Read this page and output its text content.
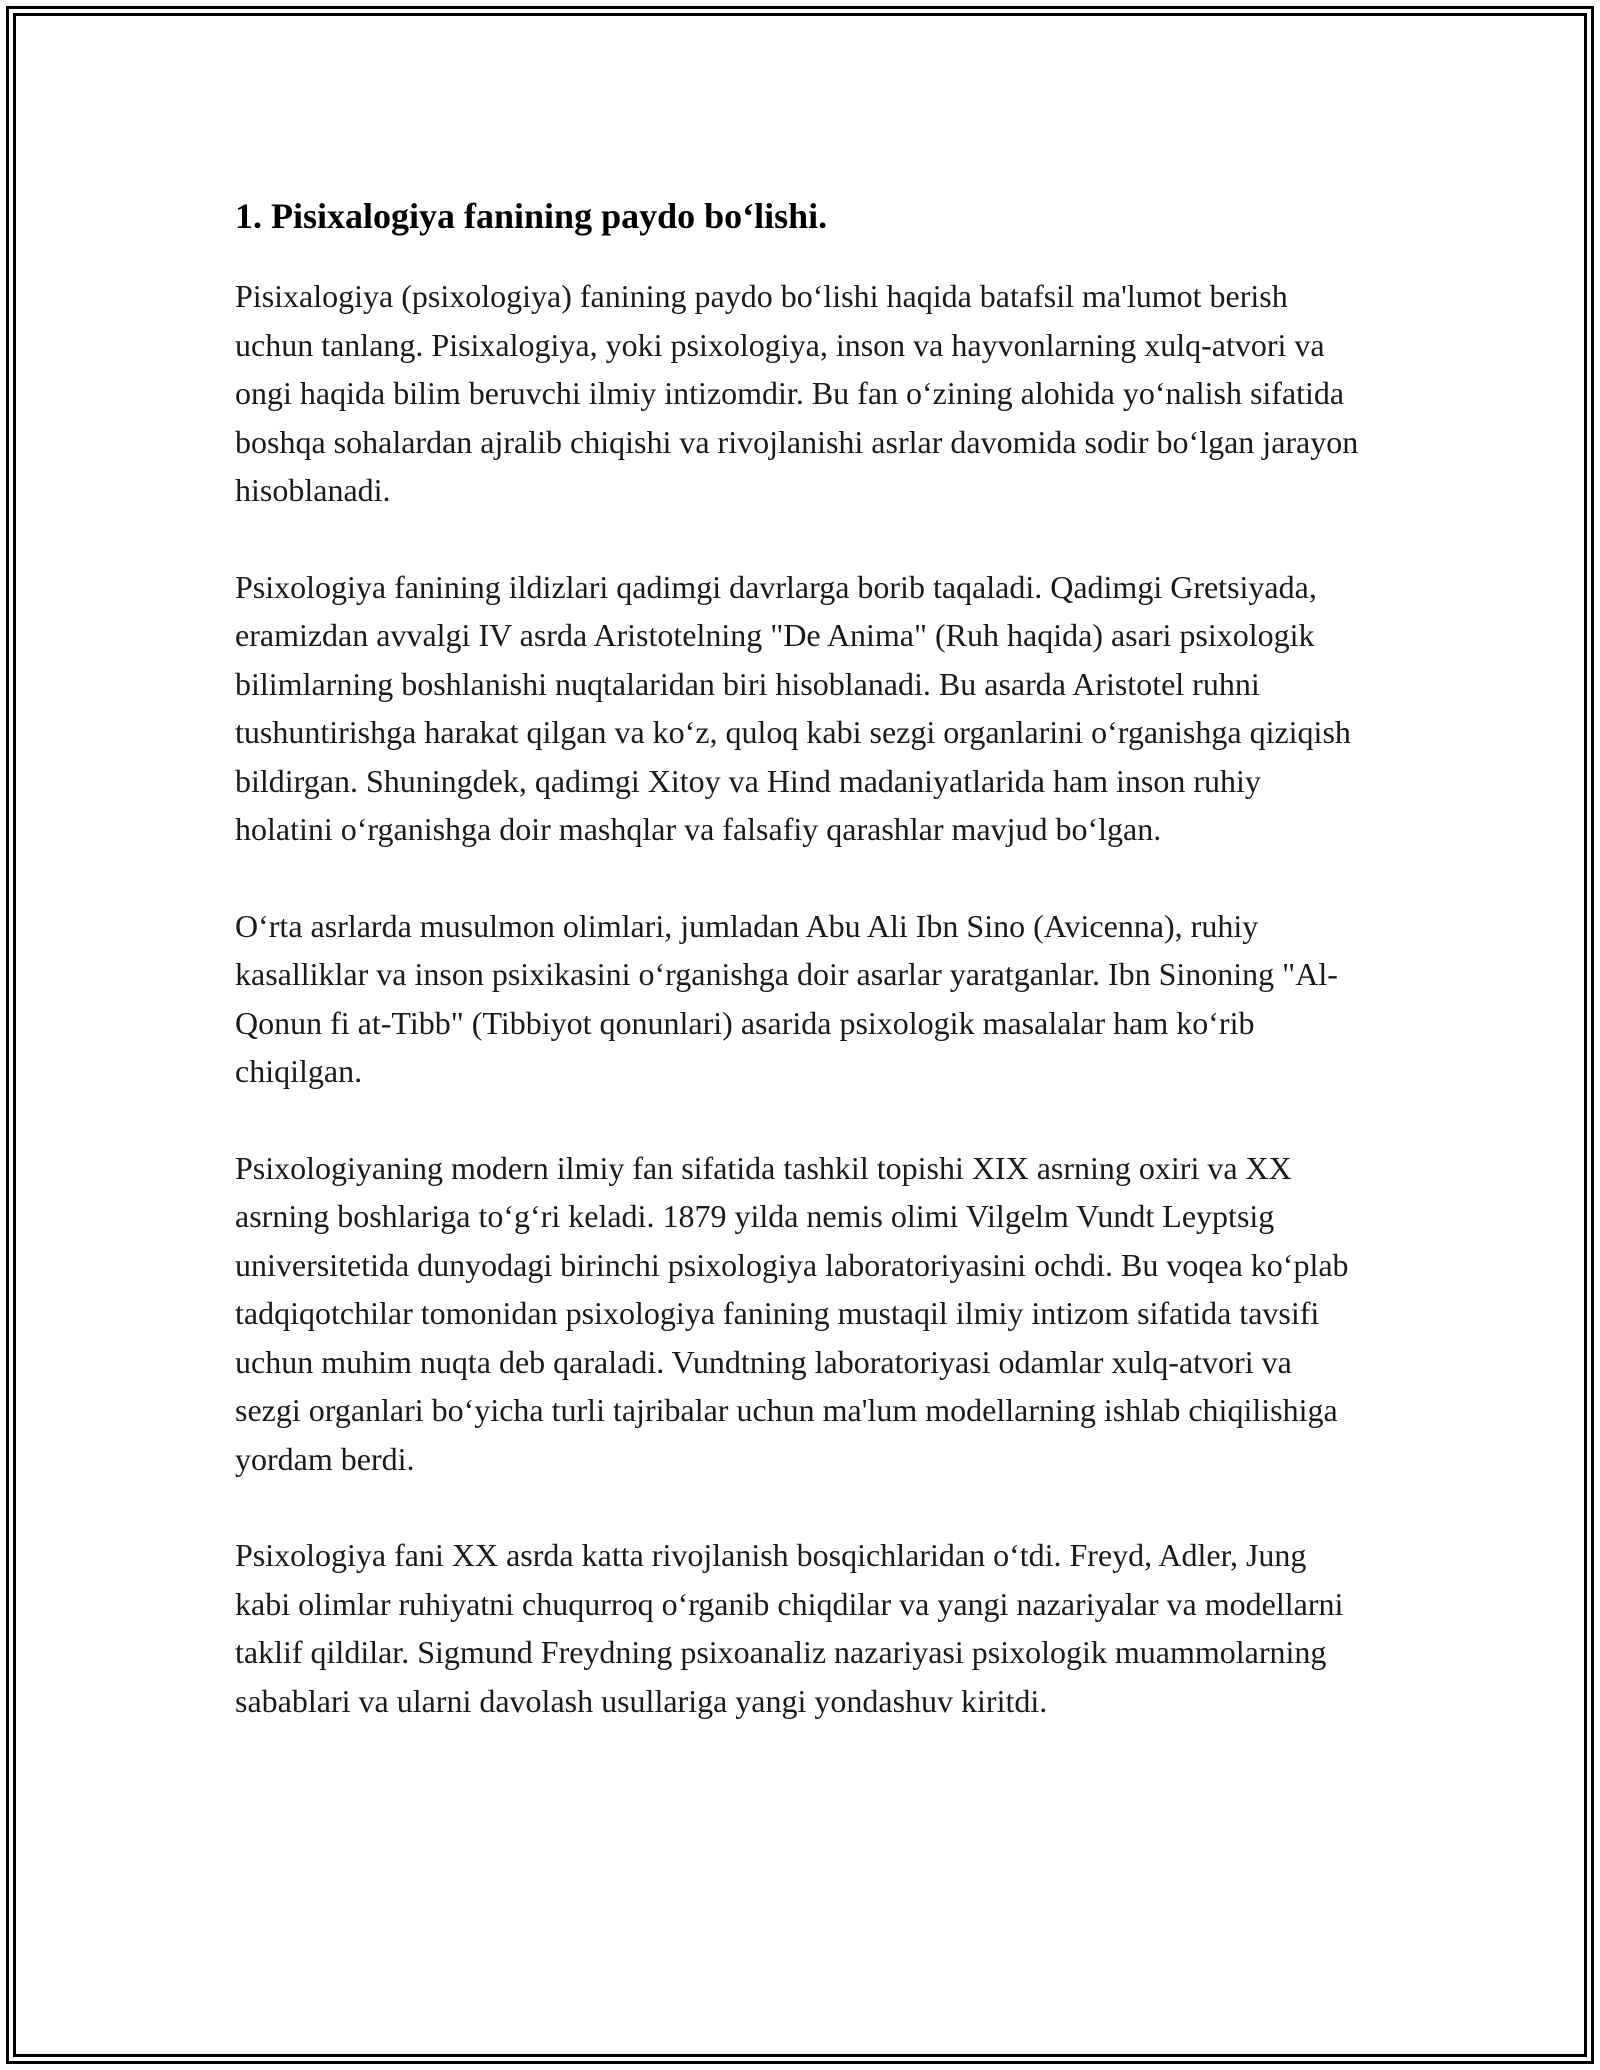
1. Pisixalogiya fanining paydo bo‘lishi.

Pisixalogiya (psixologiya) fanining paydo bo‘lishi haqida batafsil ma'lumot berish uchun tanlang. Pisixalogiya, yoki psixologiya, inson va hayvonlarning xulq-atvori va ongi haqida bilim beruvchi ilmiy intizomdir. Bu fan o‘zining alohida yo‘nalish sifatida boshqa sohalardan ajralib chiqishi va rivojlanishi asrlar davomida sodir bo‘lgan jarayon hisoblanadi.

Psixologiya fanining ildizlari qadimgi davrlarga borib taqaladi. Qadimgi Gretsiyada, eramizdan avvalgi IV asrda Aristotelning "De Anima" (Ruh haqida) asari psixologik bilimlarning boshlanishi nuqtalaridan biri hisoblanadi. Bu asarda Aristotel ruhni tushuntirishga harakat qilgan va ko‘z, quloq kabi sezgi organlarini o‘rganishga qiziqish bildirgan. Shuningdek, qadimgi Xitoy va Hind madaniyatlarida ham inson ruhiy holatini o‘rganishga doir mashqlar va falsafiy qarashlar mavjud bo‘lgan.

O‘rta asrlarda musulmon olimlari, jumladan Abu Ali Ibn Sino (Avicenna), ruhiy kasalliklar va inson psixikasini o‘rganishga doir asarlar yaratganlar. Ibn Sinoning "Al-Qonun fi at-Tibb" (Tibbiyot qonunlari) asarida psixologik masalalar ham ko‘rib chiqilgan.

Psixologiyaning modern ilmiy fan sifatida tashkil topishi XIX asrning oxiri va XX asrning boshlariga to‘g‘ri keladi. 1879 yilda nemis olimi Vilgelm Vundt Leyptsig universitetida dunyodagi birinchi psixologiya laboratoriyasini ochdi. Bu voqea ko‘plab tadqiqotchilar tomonidan psixologiya fanining mustaqil ilmiy intizom sifatida tavsifi uchun muhim nuqta deb qaraladi. Vundtning laboratoriyasi odamlar xulq-atvori va sezgi organlari bo‘yicha turli tajribalar uchun ma'lum modellarning ishlab chiqilishiga yordam berdi.

Psixologiya fani XX asrda katta rivojlanish bosqichlaridan o‘tdi. Freyd, Adler, Jung kabi olimlar ruhiyatni chuqurroq o‘rganib chiqdilar va yangi nazariyalar va modellarni taklif qildilar. Sigmund Freydning psixoanaliz nazariyasi psixologik muammolarning sabablari va ularni davolash usullariga yangi yondashuv kiritdi.
